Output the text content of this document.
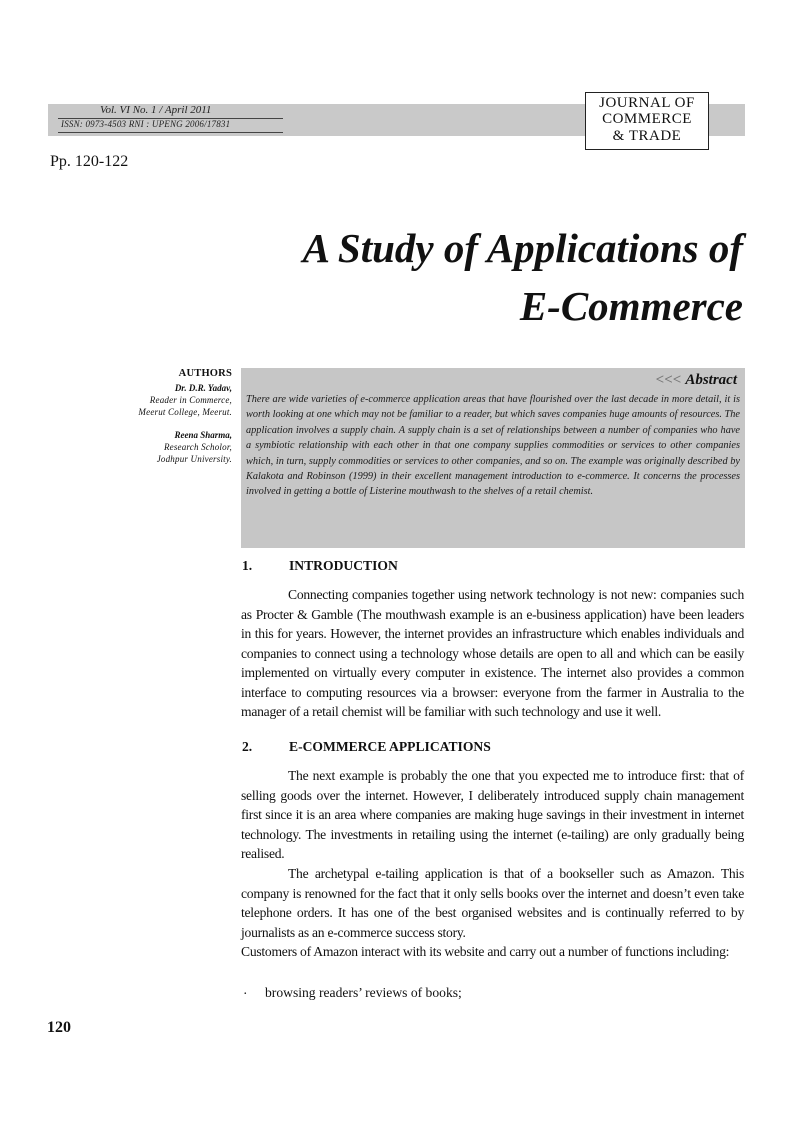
Vol. VI No. 1 / April 2011
ISSN: 0973-4503 RNI : UPENG 2006/17831
JOURNAL OF
COMMERCE
& TRADE
Pp. 120-122
A Study of Applications of
E-Commerce
AUTHORS
Dr. D.R. Yadav,
Reader in Commerce,
Meerut College, Meerut.
Reena Sharma,
Research Scholor,
Jodhpur University.
<<< Abstract
There are wide varieties of e-commerce application areas that have flourished over the last decade in more detail, it is worth looking at one which may not be familiar to a reader, but which saves companies huge amounts of resources. The application involves a supply chain. A supply chain is a set of relationships between a number of companies who have a symbiotic relationship with each other in that one company supplies commodities or services to other companies which, in turn, supply commodities or services to other companies, and so on. The example was originally described by Kalakota and Robinson (1999) in their excellent management introduction to e-commerce. It concerns the processes involved in getting a bottle of Listerine mouthwash to the shelves of a retail chemist.
1.	INTRODUCTION
Connecting companies together using network technology is not new: companies such as Procter & Gamble (The mouthwash example is an e-business application) have been leaders in this for years. However, the internet provides an infrastructure which enables individuals and companies to connect using a technology whose details are open to all and which can be easily implemented on virtually every computer in existence. The internet also provides a common interface to computing resources via a browser: everyone from the farmer in Australia to the manager of a retail chemist will be familiar with such technology and use it well.
2.	E-COMMERCE APPLICATIONS
The next example is probably the one that you expected me to introduce first: that of selling goods over the internet. However, I deliberately introduced supply chain management first since it is an area where companies are making huge savings in their investment in internet technology. The investments in retailing using the internet (e-tailing) are only gradually being realised.
The archetypal e-tailing application is that of a bookseller such as Amazon. This company is renowned for the fact that it only sells books over the internet and doesn’t even take telephone orders. It has one of the best organised websites and is continually referred to by journalists as an e-commerce success story.
Customers of Amazon interact with its website and carry out a number of functions including:
· browsing readers’ reviews of books;
120
